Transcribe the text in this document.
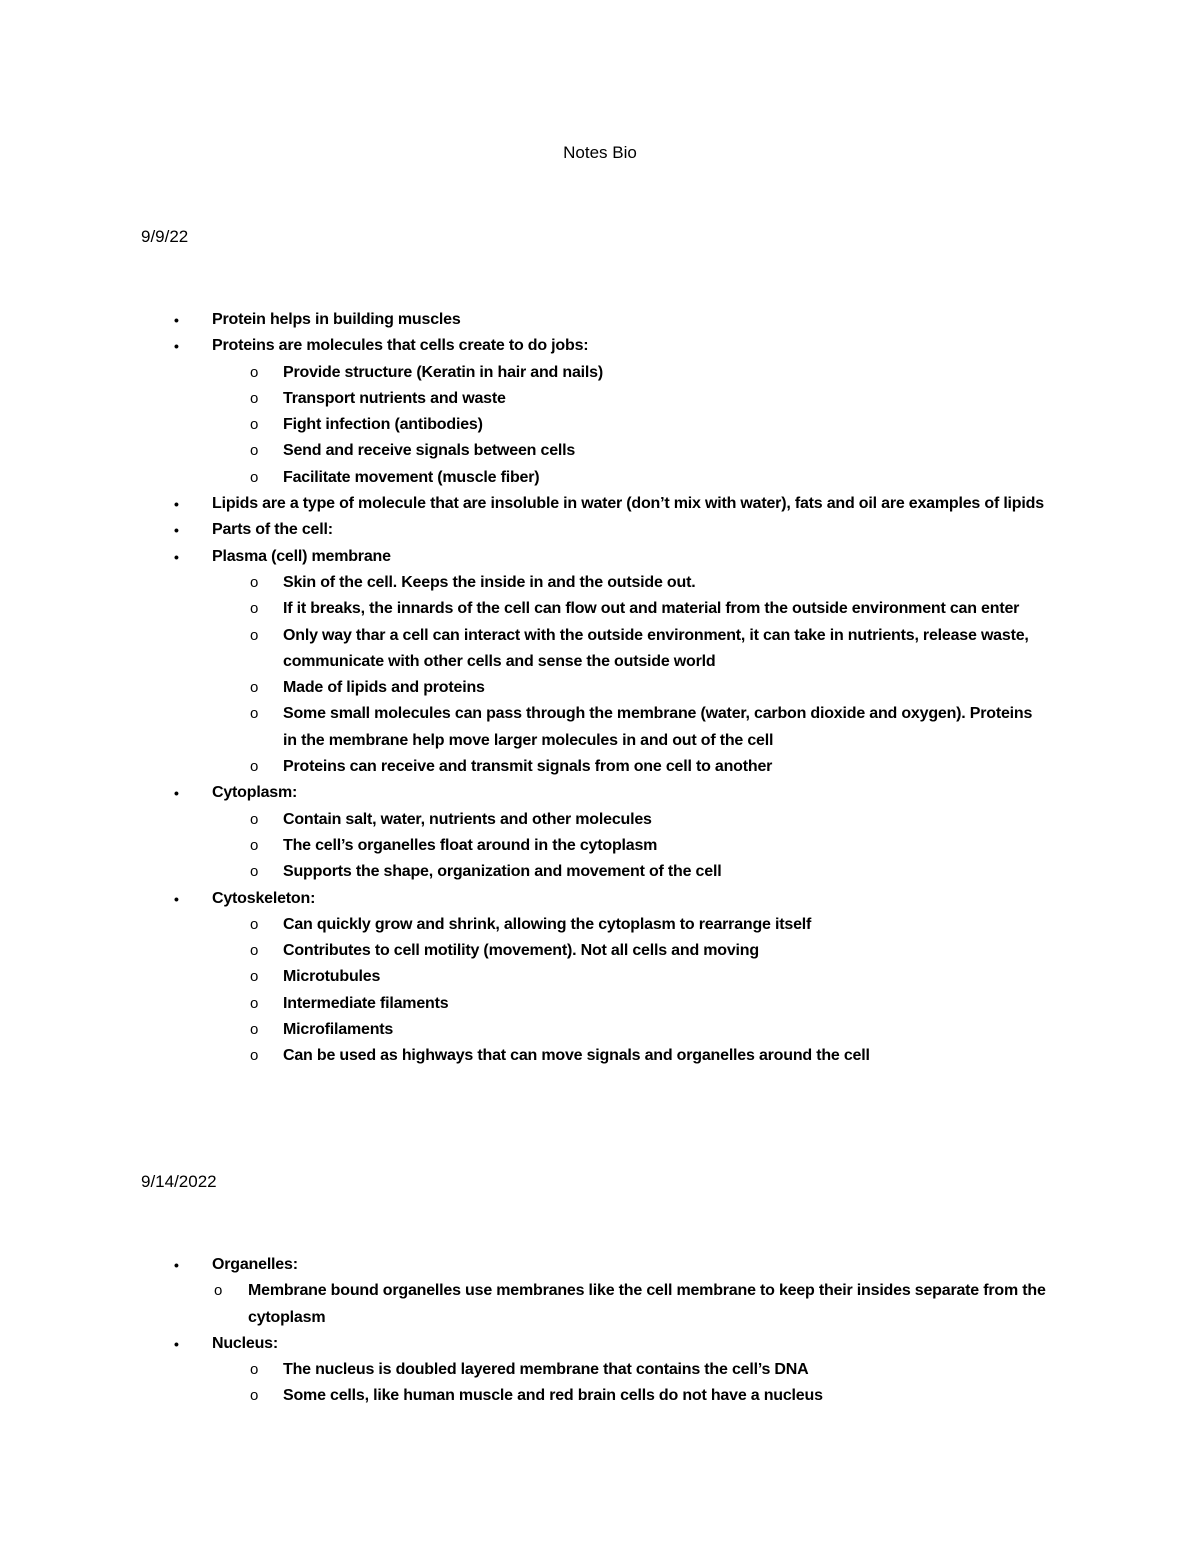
Notes Bio
9/9/22
• Protein helps in building muscles
• Proteins are molecules that cells create to do jobs:
o Provide structure (Keratin in hair and nails)
o Transport nutrients and waste
o Fight infection (antibodies)
o Send and receive signals between cells
o Facilitate movement (muscle fiber)
• Lipids are a type of molecule that are insoluble in water (don’t mix with water), fats and oil are examples of lipids
• Parts of the cell:
• Plasma (cell) membrane
o Skin of the cell. Keeps the inside in and the outside out.
o If it breaks, the innards of the cell can flow out and material from the outside environment can enter
o Only way thar a cell can interact with the outside environment, it can take in nutrients, release waste, communicate with other cells and sense the outside world
o Made of lipids and proteins
o Some small molecules can pass through the membrane (water, carbon dioxide and oxygen). Proteins in the membrane help move larger molecules in and out of the cell
o Proteins can receive and transmit signals from one cell to another
• Cytoplasm:
o Contain salt, water, nutrients and other molecules
o The cell’s organelles float around in the cytoplasm
o Supports the shape, organization and movement of the cell
• Cytoskeleton:
o Can quickly grow and shrink, allowing the cytoplasm to rearrange itself
o Contributes to cell motility (movement). Not all cells and moving
o Microtubules
o Intermediate filaments
o Microfilaments
o Can be used as highways that can move signals and organelles around the cell
9/14/2022
• Organelles:
o Membrane bound organelles use membranes like the cell membrane to keep their insides separate from the cytoplasm
• Nucleus:
o The nucleus is doubled layered membrane that contains the cell’s DNA
o Some cells, like human muscle and red brain cells do not have a nucleus
